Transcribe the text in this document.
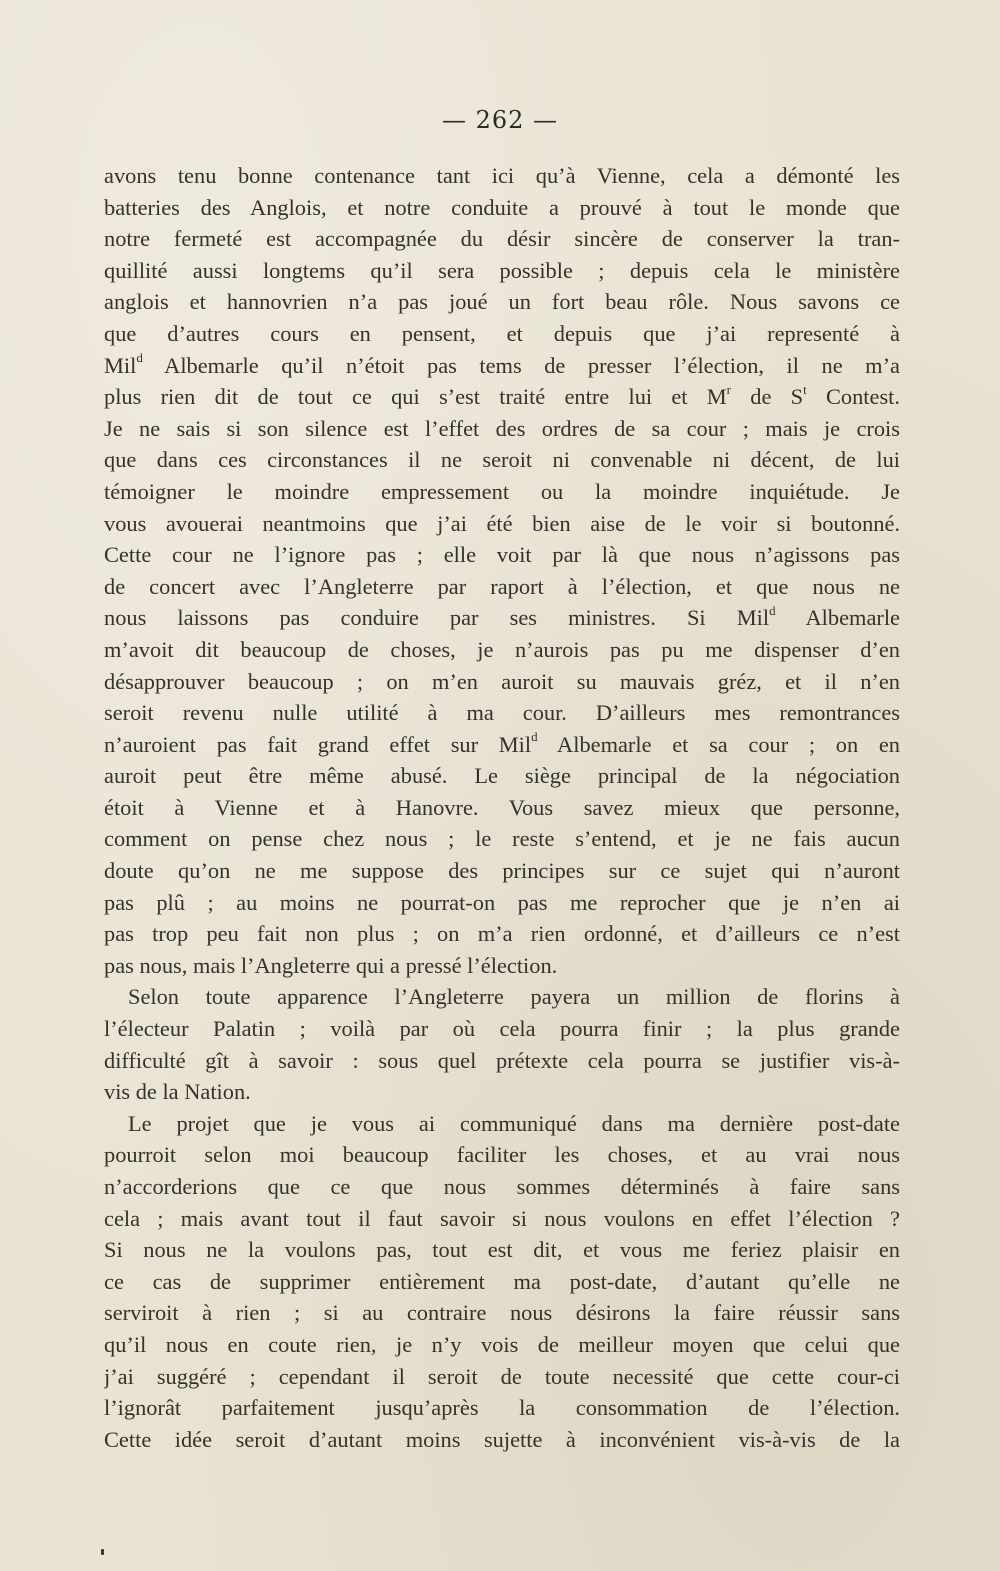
— 262 —
avons tenu bonne contenance tant ici qu’à Vienne, cela a démonté les
batteries des Anglois, et notre conduite a prouvé à tout le monde que
notre fermeté est accompagnée du désir sincère de conserver la tran-
quillité aussi longtems qu’il sera possible ; depuis cela le ministère
anglois et hannovrien n’a pas joué un fort beau rôle. Nous savons ce
que d’autres cours en pensent, et depuis que j’ai representé à
Mil$^d$ Albemarle qu’il n’étoit pas tems de presser l’élection, il ne m’a
plus rien dit de tout ce qui s’est traité entre lui et $M^r$ de $S^t$ Contest.
Je ne sais si son silence est l’effet des ordres de sa cour ; mais je crois
que dans ces circonstances il ne seroit ni convenable ni décent, de lui
témoigner le moindre empressement ou la moindre inquiétude. Je
vous avouerai neantmoins que j’ai été bien aise de le voir si boutonné.
Cette cour ne l’ignore pas ; elle voit par là que nous n’agissons pas
de concert avec l’Angleterre par raport à l’élection, et que nous ne
nous laissons pas conduire par ses ministres. Si Mil$^d$ Albemarle
m’avoit dit beaucoup de choses, je n’aurois pas pu me dispenser d’en
désapprouver beaucoup ; on m’en auroit su mauvais gréz, et il n’en
seroit revenu nulle utilité à ma cour. D’ailleurs mes remontrances
n’auroient pas fait grand effet sur Mil$^d$ Albemarle et sa cour ; on en
auroit peut être même abusé. Le siège principal de la négociation
étoit à Vienne et à Hanovre. Vous savez mieux que personne,
comment on pense chez nous ; le reste s’entend, et je ne fais aucun
doute qu’on ne me suppose des principes sur ce sujet qui n’auront
pas plû ; au moins ne pourrat-on pas me reprocher que je n’en ai
pas trop peu fait non plus ; on m’a rien ordonné, et d’ailleurs ce n’est
pas nous, mais l’Angleterre qui a pressé l’élection.
Selon toute apparence l’Angleterre payera un million de florins à
l’électeur Palatin ; voilà par où cela pourra finir ; la plus grande
difficulté gît à savoir : sous quel prétexte cela pourra se justifier vis-à-
vis de la Nation.
Le projet que je vous ai communiqué dans ma dernière post-date
pourroit selon moi beaucoup faciliter les choses, et au vrai nous
n’accorderions que ce que nous sommes déterminés à faire sans
cela ; mais avant tout il faut savoir si nous voulons en effet l’élection ?
Si nous ne la voulons pas, tout est dit, et vous me feriez plaisir en
ce cas de supprimer entièrement ma post-date, d’autant qu’elle ne
serviroit à rien ; si au contraire nous désirons la faire réussir sans
qu’il nous en coute rien, je n’y vois de meilleur moyen que celui que
j’ai suggéré ; cependant il seroit de toute necessité que cette cour-ci
l’ignorât parfaitement jusqu’après la consommation de l’élection.
Cette idée seroit d’autant moins sujette à inconvénient vis-à-vis de la
